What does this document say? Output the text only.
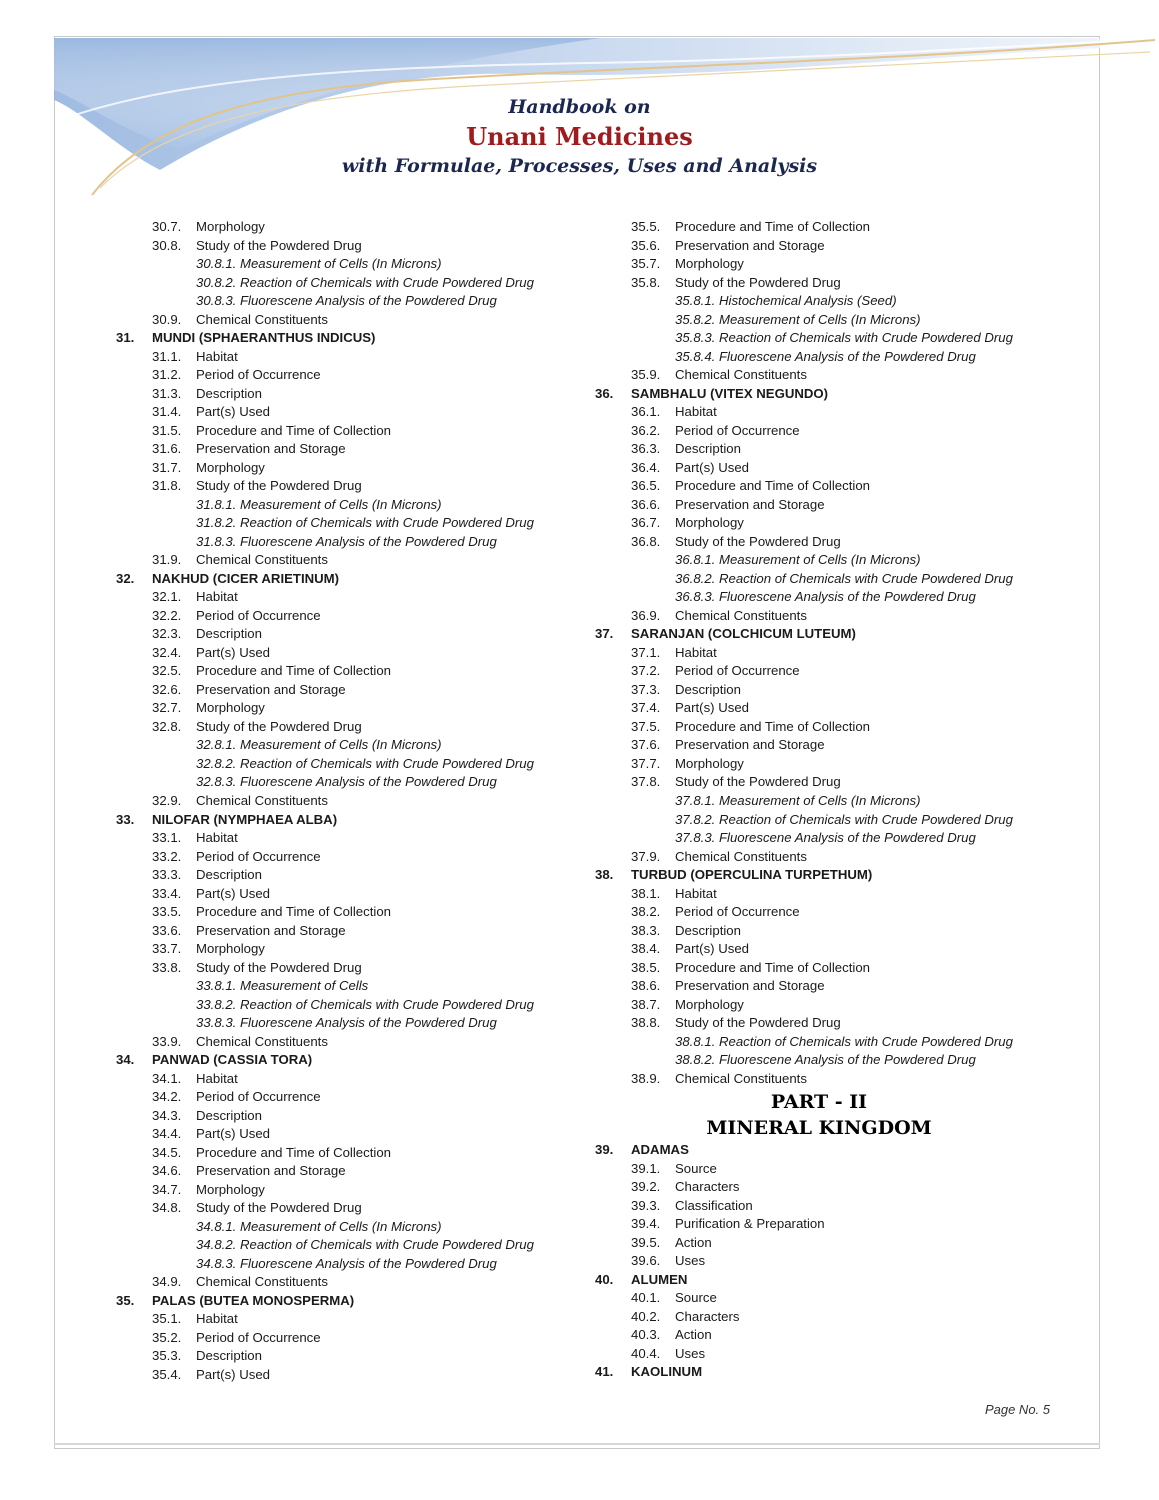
Handbook on
Unani Medicines
with Formulae, Processes, Uses and Analysis
30.7. Morphology
30.8. Study of the Powdered Drug
30.8.1. Measurement of Cells (In Microns)
30.8.2. Reaction of Chemicals with Crude Powdered Drug
30.8.3. Fluorescene Analysis of the Powdered Drug
30.9. Chemical Constituents
31. MUNDI (SPHAERANTHUS INDICUS)
31.1. Habitat
31.2. Period of Occurrence
31.3. Description
31.4. Part(s) Used
31.5. Procedure and Time of Collection
31.6. Preservation and Storage
31.7. Morphology
31.8. Study of the Powdered Drug
31.8.1. Measurement of Cells (In Microns)
31.8.2. Reaction of Chemicals with Crude Powdered Drug
31.8.3. Fluorescene Analysis of the Powdered Drug
31.9. Chemical Constituents
32. NAKHUD (CICER ARIETINUM)
32.1. Habitat
32.2. Period of Occurrence
32.3. Description
32.4. Part(s) Used
32.5. Procedure and Time of Collection
32.6. Preservation and Storage
32.7. Morphology
32.8. Study of the Powdered Drug
32.8.1. Measurement of Cells (In Microns)
32.8.2. Reaction of Chemicals with Crude Powdered Drug
32.8.3. Fluorescene Analysis of the Powdered Drug
32.9. Chemical Constituents
33. NILOFAR (NYMPHAEA ALBA)
33.1. Habitat
33.2. Period of Occurrence
33.3. Description
33.4. Part(s) Used
33.5. Procedure and Time of Collection
33.6. Preservation and Storage
33.7. Morphology
33.8. Study of the Powdered Drug
33.8.1. Measurement of Cells
33.8.2. Reaction of Chemicals with Crude Powdered Drug
33.8.3. Fluorescene Analysis of the Powdered Drug
33.9. Chemical Constituents
34. PANWAD (CASSIA TORA)
34.1. Habitat
34.2. Period of Occurrence
34.3. Description
34.4. Part(s) Used
34.5. Procedure and Time of Collection
34.6. Preservation and Storage
34.7. Morphology
34.8. Study of the Powdered Drug
34.8.1. Measurement of Cells (In Microns)
34.8.2. Reaction of Chemicals with Crude Powdered Drug
34.8.3. Fluorescene Analysis of the Powdered Drug
34.9. Chemical Constituents
35. PALAS (BUTEA MONOSPERMA)
35.1. Habitat
35.2. Period of Occurrence
35.3. Description
35.4. Part(s) Used
35.5. Procedure and Time of Collection
35.6. Preservation and Storage
35.7. Morphology
35.8. Study of the Powdered Drug
35.8.1. Histochemical Analysis (Seed)
35.8.2. Measurement of Cells (In Microns)
35.8.3. Reaction of Chemicals with Crude Powdered Drug
35.8.4. Fluorescene Analysis of the Powdered Drug
35.9. Chemical Constituents
36. SAMBHALU (VITEX NEGUNDO)
36.1. Habitat
36.2. Period of Occurrence
36.3. Description
36.4. Part(s) Used
36.5. Procedure and Time of Collection
36.6. Preservation and Storage
36.7. Morphology
36.8. Study of the Powdered Drug
36.8.1. Measurement of Cells (In Microns)
36.8.2. Reaction of Chemicals with Crude Powdered Drug
36.8.3. Fluorescene Analysis of the Powdered Drug
36.9. Chemical Constituents
37. SARANJAN (COLCHICUM LUTEUM)
37.1. Habitat
37.2. Period of Occurrence
37.3. Description
37.4. Part(s) Used
37.5. Procedure and Time of Collection
37.6. Preservation and Storage
37.7. Morphology
37.8. Study of the Powdered Drug
37.8.1. Measurement of Cells (In Microns)
37.8.2. Reaction of Chemicals with Crude Powdered Drug
37.8.3. Fluorescene Analysis of the Powdered Drug
37.9. Chemical Constituents
38. TURBUD (OPERCULINA TURPETHUM)
38.1. Habitat
38.2. Period of Occurrence
38.3. Description
38.4. Part(s) Used
38.5. Procedure and Time of Collection
38.6. Preservation and Storage
38.7. Morphology
38.8. Study of the Powdered Drug
38.8.1. Reaction of Chemicals with Crude Powdered Drug
38.8.2. Fluorescene Analysis of the Powdered Drug
38.9. Chemical Constituents
PART - II
MINERAL KINGDOM
39. ADAMAS
39.1. Source
39.2. Characters
39.3. Classification
39.4. Purification & Preparation
39.5. Action
39.6. Uses
40. ALUMEN
40.1. Source
40.2. Characters
40.3. Action
40.4. Uses
41. KAOLINUM
Page No. 5
